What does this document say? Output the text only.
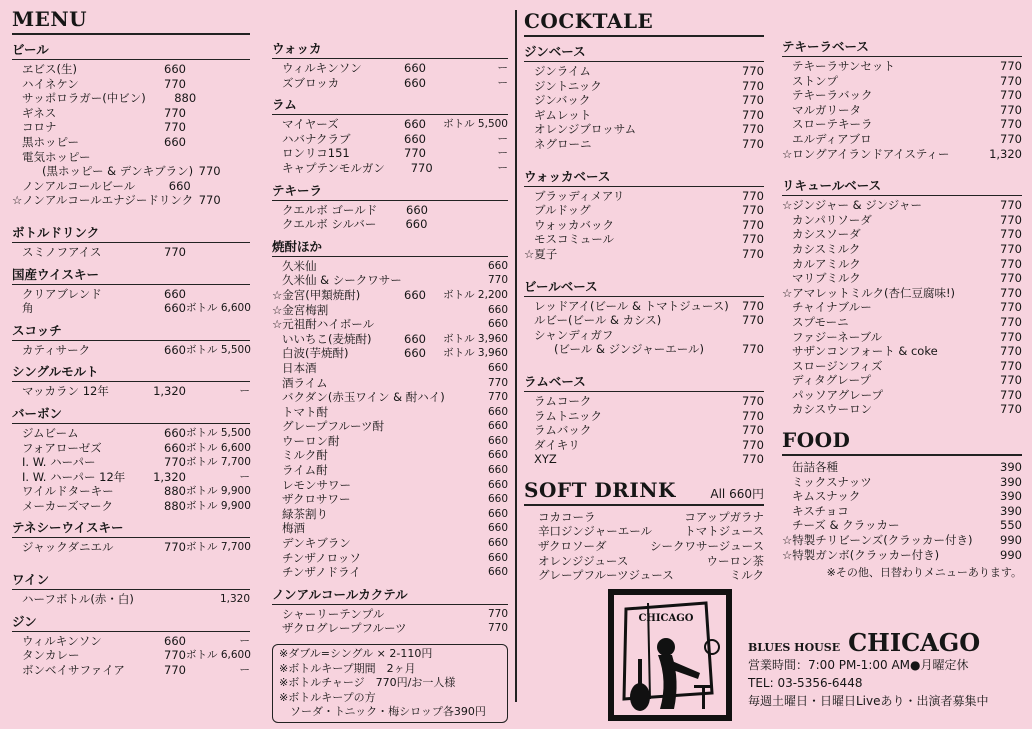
MENU
ビール
ヱビス(生)	660
ハイネケン	770
サッポロラガー(中ビン)	880
ギネス	770
コロナ	770
黒ホッピー	660
電気ホッピー
(黒ホッピー & デンキブラン) 770
ノンアルコールビール	660
☆ノンアルコールエナジードリンク 770
ボトルドリンク
スミノフアイス	770
国産ウイスキー
クリアブレンド	660
角	660 ボトル 6,600
スコッチ
カティサーク	660 ボトル 5,500
シングルモルト
マッカラン 12年	1,320	ー
バーボン
ジムビーム	660 ボトル 5,500
フォアローゼズ	660 ボトル 6,600
I. W. ハーパー	770 ボトル 7,700
I. W. ハーパー 12年	1,320	ー
ワイルドターキー	880 ボトル 9,900
メーカーズマーク	880 ボトル 9,900
テネシーウイスキー
ジャックダニエル	770 ボトル 7,700
ワイン
ハーフボトル(赤・白)	1,320
ジン
ウィルキンソン	660	ー
タンカレー	770 ボトル 6,600
ボンベイサファイア	770	ー
ウォッカ
ウィルキンソン	660	ー
ズブロッカ	660	ー
ラム
マイヤーズ	660	ボトル 5,500
ハバナクラブ	660	ー
ロンリコ151	770	ー
キャプテンモルガン	770	ー
テキーラ
クエルボ ゴールド	660
クエルボ シルバー	660
焼酎ほか
久米仙	660
久米仙 & シークワサー	770
☆金宮(甲類焼酎)	660	ボトル 2,200
☆金宮梅割	660
☆元祖酎ハイボール	660
いいちこ(麦焼酎)	660	ボトル 3,960
白波(芋焼酎)	660	ボトル 3,960
日本酒	660
酒ライム	770
バクダン(赤玉ワイン & 酎ハイ)	770
トマト酎	660
グレープフルーツ酎	660
ウーロン酎	660
ミルク酎	660
ライム酎	660
レモンサワー	660
ザクロサワー	660
緑茶割り	660
梅酒	660
デンキブラン	660
チンザノロッソ	660
チンザノドライ	660
ノンアルコールカクテル
シャーリーテンプル	770
ザクログレープフルーツ	770
※ダブル=シングル × 2-110円
※ボトルキープ期間　2ヶ月
※ボトルチャージ　770円/お一人様
※ボトルキープの方
　ソーダ・トニック・梅シロップ各390円
COCKTALE
ジンベース
ジンライム	770
ジントニック	770
ジンバック	770
ギムレット	770
オレンジブロッサム	770
ネグローニ	770
ウォッカベース
ブラッディメアリ	770
ブルドッグ	770
ウォッカバック	770
モスコミュール	770
☆夏子	770
ビールベース
レッドアイ(ビール & トマトジュース)	770
ルビー(ビール & カシス)	770
シャンディガフ
(ビール & ジンジャーエール)	770
ラムベース
ラムコーク	770
ラムトニック	770
ラムバック	770
ダイキリ	770
XYZ	770
SOFT DRINK	All 660円
コカコーラ	コアップガラナ
辛口ジンジャーエール	トマトジュース
ザクロソーダ	シークワサージュース
オレンジジュース	ウーロン茶
グレープフルーツジュース	ミルク
テキーラベース
テキーラサンセット	770
ストンプ	770
テキーラバック	770
マルガリータ	770
スローテキーラ	770
エルディアブロ	770
☆ロングアイランドアイスティー	1,320
リキュールベース
☆ジンジャー & ジンジャー	770
カンパリソーダ	770
カシスソーダ	770
カシスミルク	770
カルアミルク	770
マリブミルク	770
☆アマレットミルク(杏仁豆腐味!)	770
チャイナブルー	770
スプモーニ	770
ファジーネーブル	770
サザンコンフォート & coke	770
スロージンフィズ	770
ディタグレープ	770
パッソアグレープ	770
カシスウーロン	770
FOOD
缶詰各種	390
ミックスナッツ	390
キムスナック	390
キスチョコ	390
チーズ & クラッカー	550
☆特製チリビーンズ(クラッカー付き)	990
☆特製ガンボ(クラッカー付き)	990
※その他、日替わりメニューあります。
CHICAGO
BLUES HOUSE CHICAGO
営業時間：7:00 PM-1:00 AM●月曜定休
TEL: 03-5356-6448
毎週土曜日・日曜日Liveあり・出演者募集中
